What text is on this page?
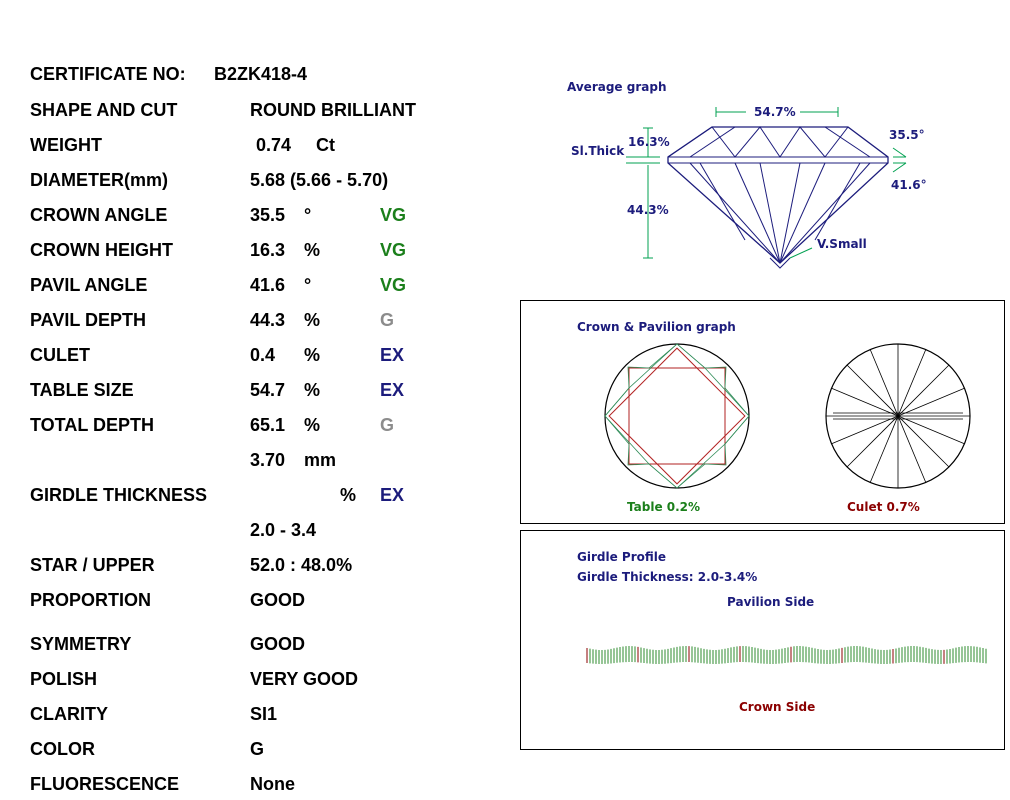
CERTIFICATE NO: B2ZK418-4
SHAPE AND CUT	ROUND BRILLIANT
WEIGHT	0.74 Ct
DIAMETER(mm)	5.68 (5.66 - 5.70)
CROWN ANGLE	35.5 °	VG
CROWN HEIGHT	16.3 %	VG
PAVIL ANGLE	41.6 °	VG
PAVIL DEPTH	44.3 %	G
CULET	0.4 %	EX
TABLE SIZE	54.7 %	EX
TOTAL DEPTH	65.1 %	G
3.70 mm
GIRDLE THICKNESS	% EX
2.0 - 3.4
STAR / UPPER	52.0 : 48.0%
PROPORTION	GOOD
SYMMETRY	GOOD
POLISH	VERY GOOD
CLARITY	SI1
COLOR	G
FLUORESCENCE	None
Average graph
54.7%
16.3%
Sl.Thick
44.3%
35.5°
41.6°
V.Small
Crown & Pavilion graph
Table 0.2%	Culet 0.7%
Girdle Profile
Girdle Thickness: 2.0-3.4%
Pavilion Side
Crown Side
